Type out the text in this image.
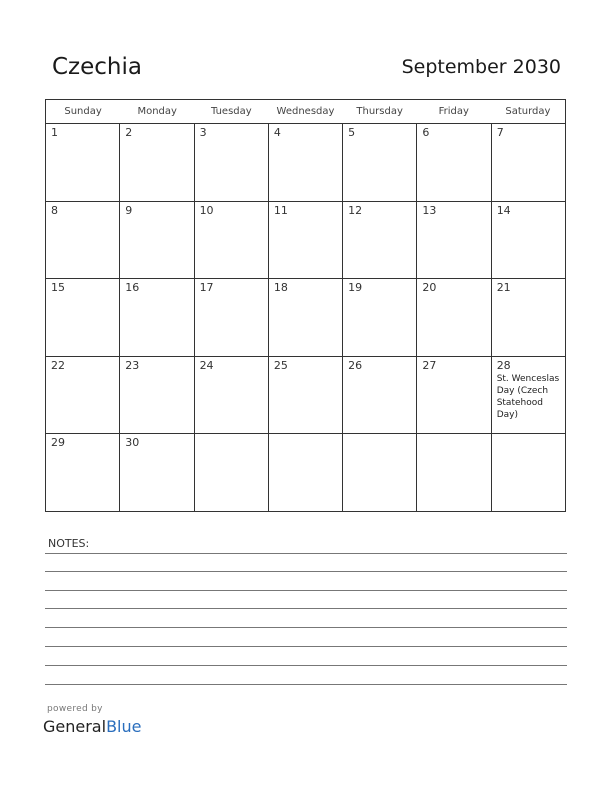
Czechia	September 2030
Sunday	Monday	Tuesday	Wednesday	Thursday	Friday	Saturday
1	2	3	4	5	6	7
8	9	10	11	12	13	14
15	16	17	18	19	20	21
22	23	24	25	26	27	28
St. Wenceslas Day (Czech Statehood Day)
29	30
NOTES:
powered by
GeneralBlue
